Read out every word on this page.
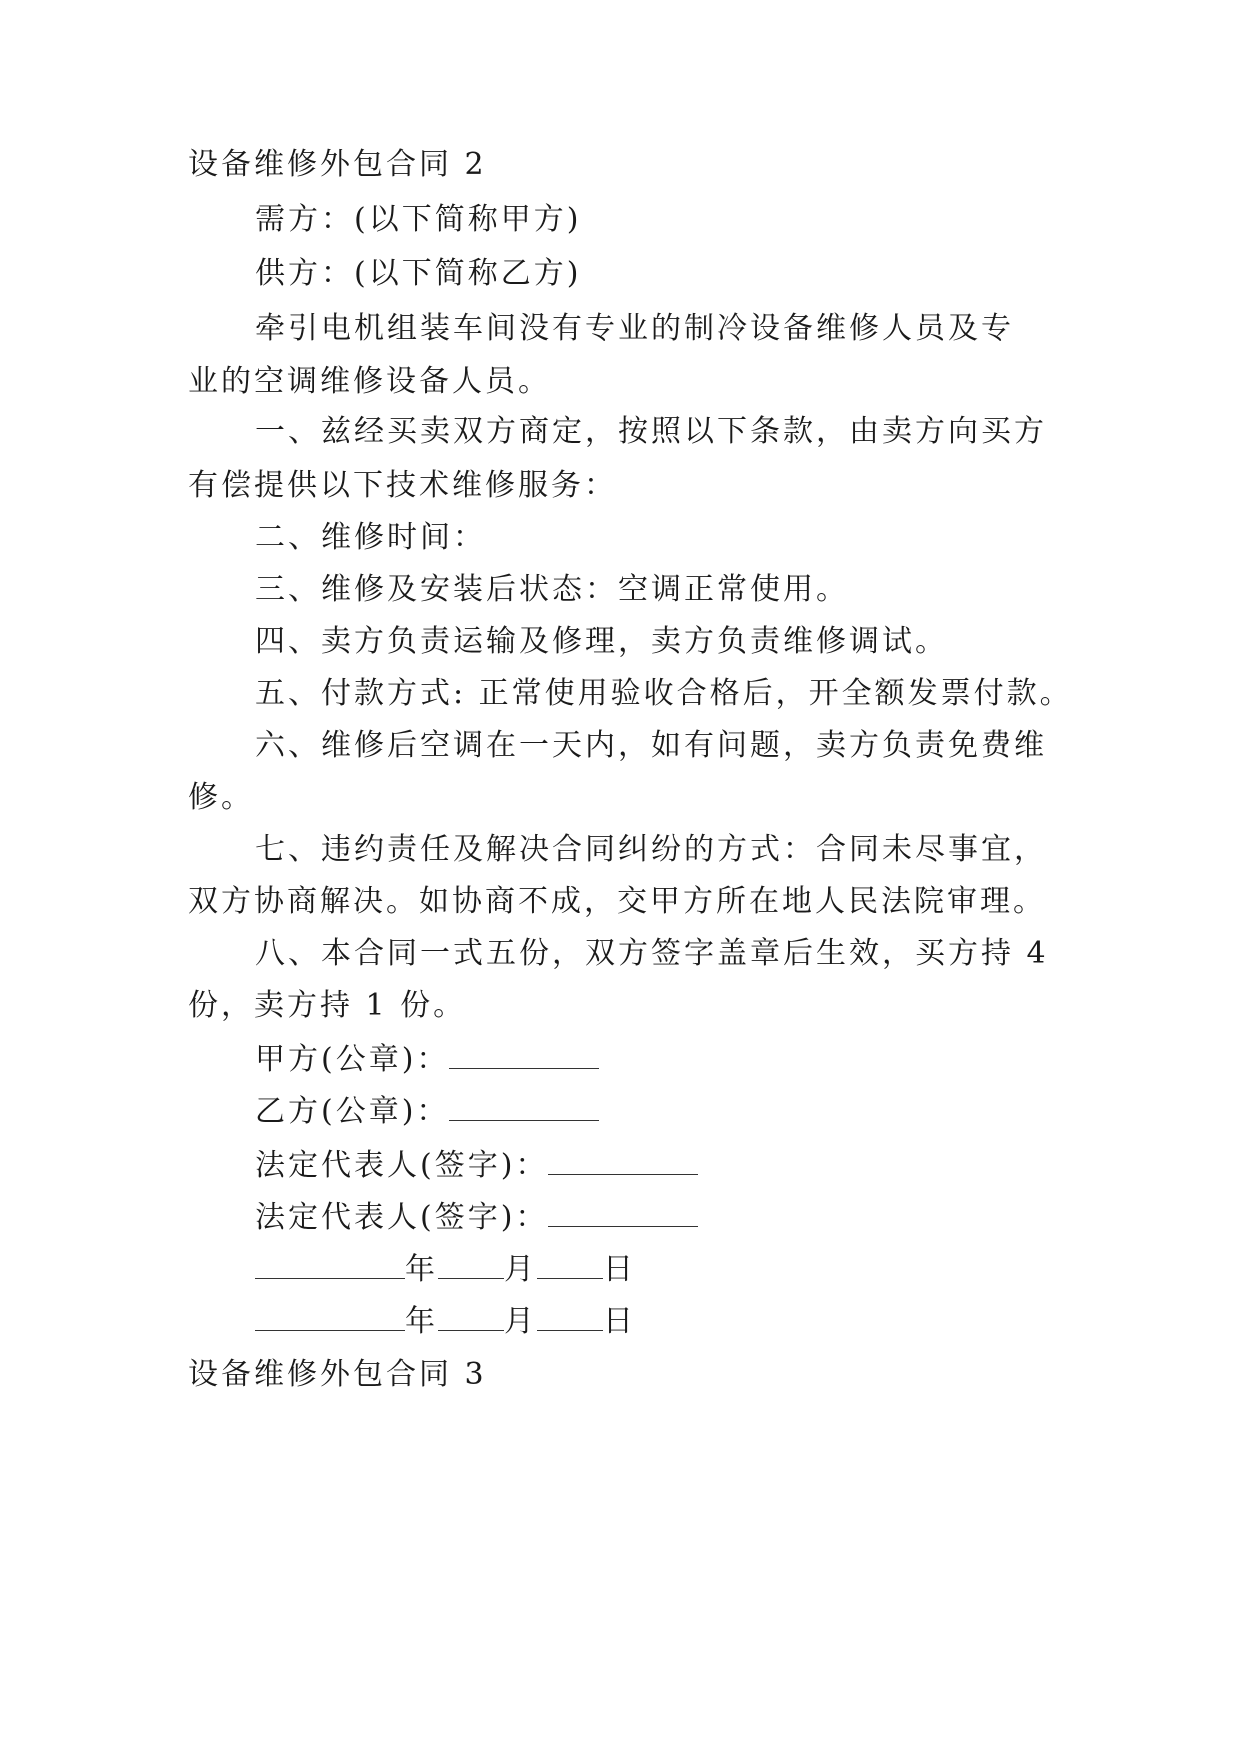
设备维修外包合同 2
需方：(以下简称甲方)
供方：(以下简称乙方)
牵引电机组装车间没有专业的制冷设备维修人员及专
业的空调维修设备人员。
一、兹经买卖双方商定，按照以下条款，由卖方向买方
有偿提供以下技术维修服务：
二、维修时间：
三、维修及安装后状态：空调正常使用。
四、卖方负责运输及修理，卖方负责维修调试。
五、付款方式: 正常使用验收合格后，开全额发票付款。
六、维修后空调在一天内，如有问题，卖方负责免费维
修。
七、违约责任及解决合同纠纷的方式：合同未尽事宜，
双方协商解决。如协商不成，交甲方所在地人民法院审理。
八、本合同一式五份，双方签字盖章后生效，买方持 4
份，卖方持 1 份。
甲方(公章)：
乙方(公章)：
法定代表人(签字)：
法定代表人(签字)：
年 月 日
年 月 日
设备维修外包合同 3
